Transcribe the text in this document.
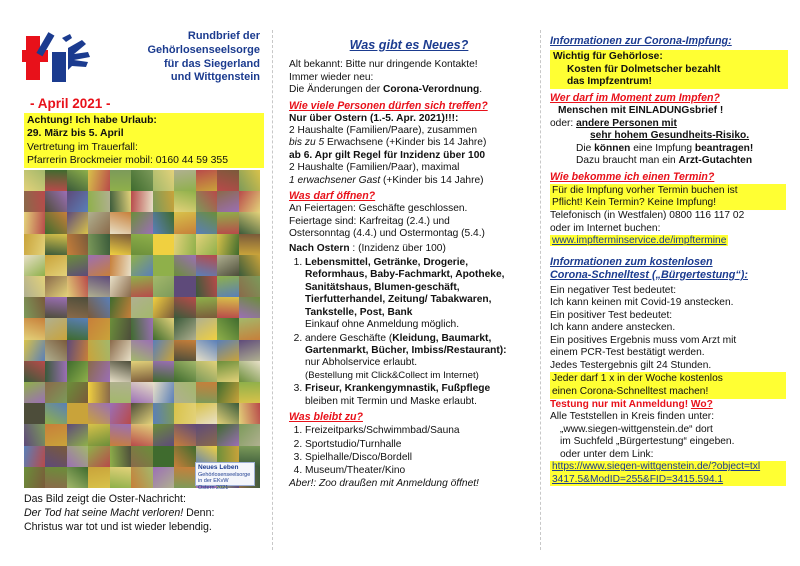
Rundbrief der
Gehörlosenseelsorge
für das Siegerland
und Wittgenstein
- April 2021 -
Achtung! Ich habe Urlaub:
29. März bis 5. April
Vertretung im Trauerfall:
Pfarrerin Brockmeier mobil: 0160 44 59 355
Neues Leben
Gehörlosenseelsorge in der EKvW
Ostern 2021
Das Bild zeigt die Oster-Nachricht:
Der Tod hat seine Macht verloren! Denn:
Christus war tot und ist wieder lebendig.
Was gibt es Neues?

Alt bekannt: Bitte nur dringende Kontakte!

Immer wieder neu:

Die Änderungen der Corona-Verordnung.

Wie viele Personen dürfen sich treffen?

Nur über Ostern (1.-5. Apr. 2021)!!!:

2 Haushalte (Familien/Paare), zusammen

bis zu 5 Erwachsene (+Kinder bis 14 Jahre)

ab 6. Apr gilt Regel für Inzidenz über 100

2 Haushalte (Familien/Paar), maximal

1 erwachsener Gast (+Kinder bis 14 Jahre)

Was darf öffnen?

An Feiertagen: Geschäfte geschlossen.

Feiertage sind: Karfreitag (2.4.) und

Ostersonntag (4.4.) und Ostermontag (5.4.)

Nach Ostern : (Inzidenz über 100)

1. Lebensmittel, Getränke, Drogerie, Reformhaus, Baby-Fachmarkt, Apotheke, Sanitätshaus, Blumen-geschäft, Tierfutterhandel, Zeitung/ Tabakwaren, Tankstelle, Post, Bank
Einkauf ohne Anmeldung möglich.
2. andere Geschäfte (Kleidung, Baumarkt, Gartenmarkt, Bücher, Imbiss/Restaurant):
nur Abholservice erlaubt.
(Bestellung mit Click&Collect im Internet)
3. Friseur, Krankengymnastik, Fußpflege
bleiben mit Termin und Maske erlaubt.

Was bleibt zu?

1. Freizeitparks/Schwimmbad/Sauna
2. Sportstudio/Turnhalle
3. Spielhalle/Disco/Bordell
4. Museum/Theater/Kino

Aber!: Zoo draußen mit Anmeldung öffnet!

Informationen zur Corona-Impfung:

Wichtig für Gehörlose:
Kosten für Dolmetscher bezahlt
das Impfzentrum!

Wer darf im Moment zum Impfen?

Menschen mit EINLADUNGsbrief !

oder: andere Personen mit

sehr hohem Gesundheits-Risiko.

Die können eine Impfung beantragen!

Dazu braucht man ein Arzt-Gutachten

Wie bekomme ich einen Termin?

Für die Impfung vorher Termin buchen ist
Pflicht! Kein Termin? Keine Impfung!

Telefonisch (in Westfalen) 0800 116 117 02

oder im Internet buchen:

www.impfterminservice.de/impftermine

Informationen zum kostenlosen

Corona-Schnelltest („Bürgertestung“):

Ein negativer Test bedeutet:

Ich kann keinen mit Covid-19 anstecken.

Ein positiver Test bedeutet:

Ich kann andere anstecken.

Ein positives Ergebnis muss vom Arzt mit

einem PCR-Test bestätigt werden.

Jedes Testergebnis gilt 24 Stunden.

Jeder darf 1 x in der Woche kostenlos
einen Corona-Schnelltest machen!

Testung nur mit Anmeldung! Wo?

Alle Teststellen in Kreis finden unter:

„www.siegen-wittgenstein.de“ dort

im Suchfeld „Bürgertestung“ eingeben.

oder unter dem Link:

https://www.siegen-wittgenstein.de/?object=txl
3417.5&ModID=255&FID=3415.594.1
